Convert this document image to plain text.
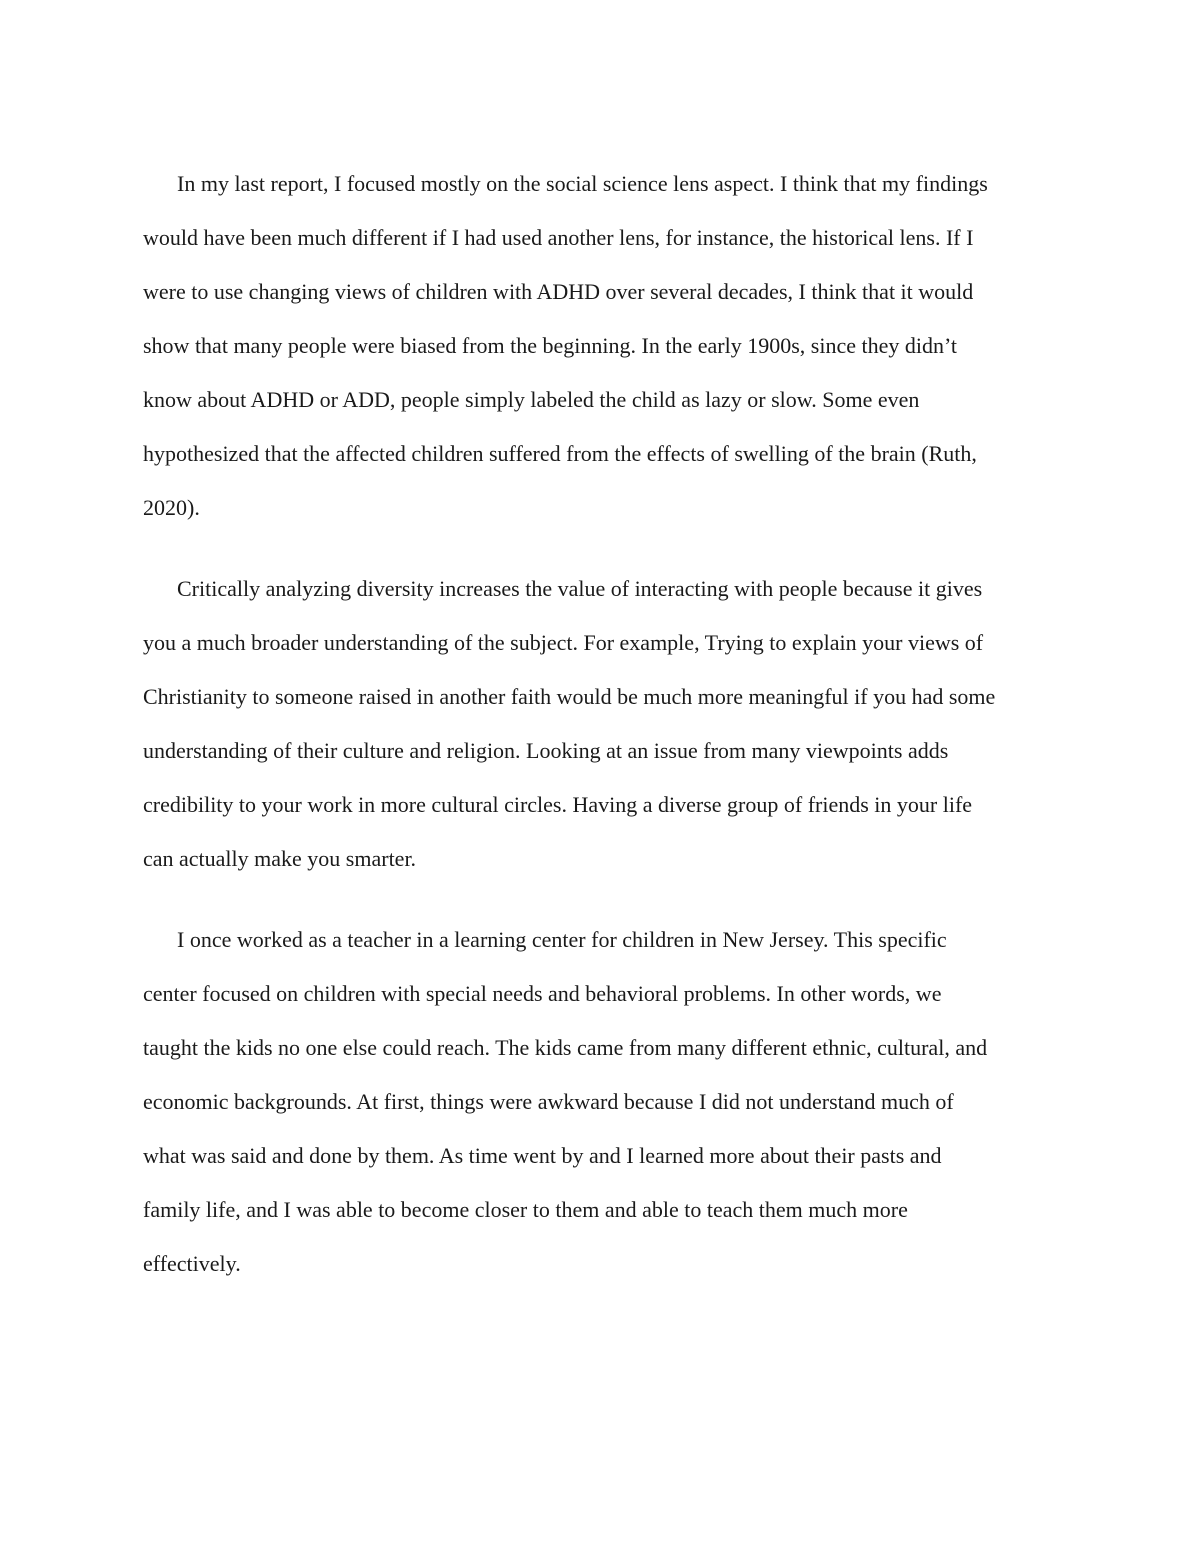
In my last report, I focused mostly on the social science lens aspect. I think that my findings
would have been much different if I had used another lens, for instance, the historical lens. If I
were to use changing views of children with ADHD over several decades, I think that it would
show that many people were biased from the beginning. In the early 1900s, since they didn’t
know about ADHD or ADD, people simply labeled the child as lazy or slow. Some even
hypothesized that the affected children suffered from the effects of swelling of the brain (Ruth,
2020).
Critically analyzing diversity increases the value of interacting with people because it gives
you a much broader understanding of the subject. For example, Trying to explain your views of
Christianity to someone raised in another faith would be much more meaningful if you had some
understanding of their culture and religion. Looking at an issue from many viewpoints adds
credibility to your work in more cultural circles. Having a diverse group of friends in your life
can actually make you smarter.
I once worked as a teacher in a learning center for children in New Jersey. This specific
center focused on children with special needs and behavioral problems. In other words, we
taught the kids no one else could reach. The kids came from many different ethnic, cultural, and
economic backgrounds. At first, things were awkward because I did not understand much of
what was said and done by them. As time went by and I learned more about their pasts and
family life, and I was able to become closer to them and able to teach them much more
effectively.
